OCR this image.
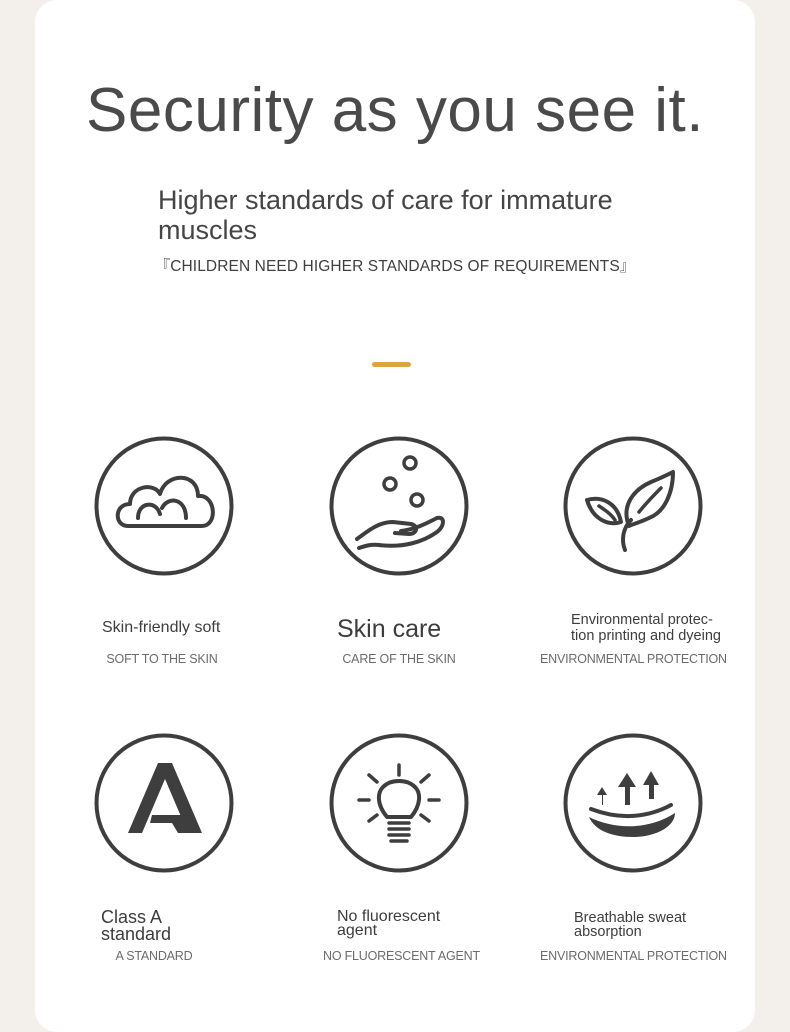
Security as you see it.
Higher standards of care for immature muscles
『CHILDREN NEED HIGHER STANDARDS OF REQUIREMENTS』
Skin-friendly soft
SOFT TO THE SKIN
Skin care
CARE OF THE SKIN
Environmental protec-
tion printing and dyeing
ENVIRONMENTAL PROTECTION
Class A
standard
A STANDARD
No fluorescent
agent
NO FLUORESCENT AGENT
Breathable sweat
absorption
ENVIRONMENTAL PROTECTION
